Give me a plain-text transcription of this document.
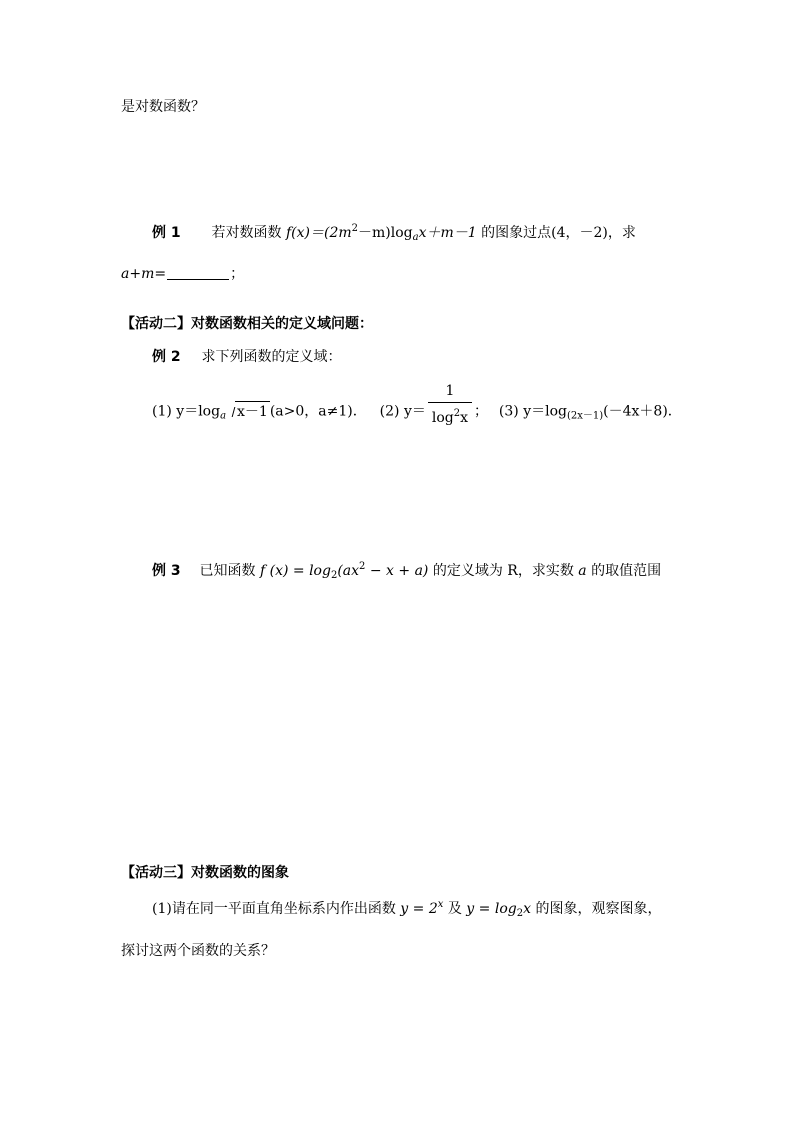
是对数函数？
例 1 若对数函数 $f(x)=(2m^2-m)\log_ax+m-1$ 的图象过点(4，－2)，求
a+m=	；
【活动二】对数函数相关的定义域问题：
例 2 求下列函数的定义域：
(1) $y=\log_a$ x－1 (a>0，a≠1)． (2) $y= \frac{1}{\log^2x}$ ； (3) $y=\log_{(2x-1)}(-4x+8)$．
例 3 已知函数 f $(x) = \log_2(ax^2 - x + a)$ 的定义域为 R，求实数 a 的取值范围
【活动三】对数函数的图象
(1)请在同一平面直角坐标系内作出函数 $y = 2^x$ 及 $y = \log_2x$ 的图象，观察图象，
探讨这两个函数的关系？
